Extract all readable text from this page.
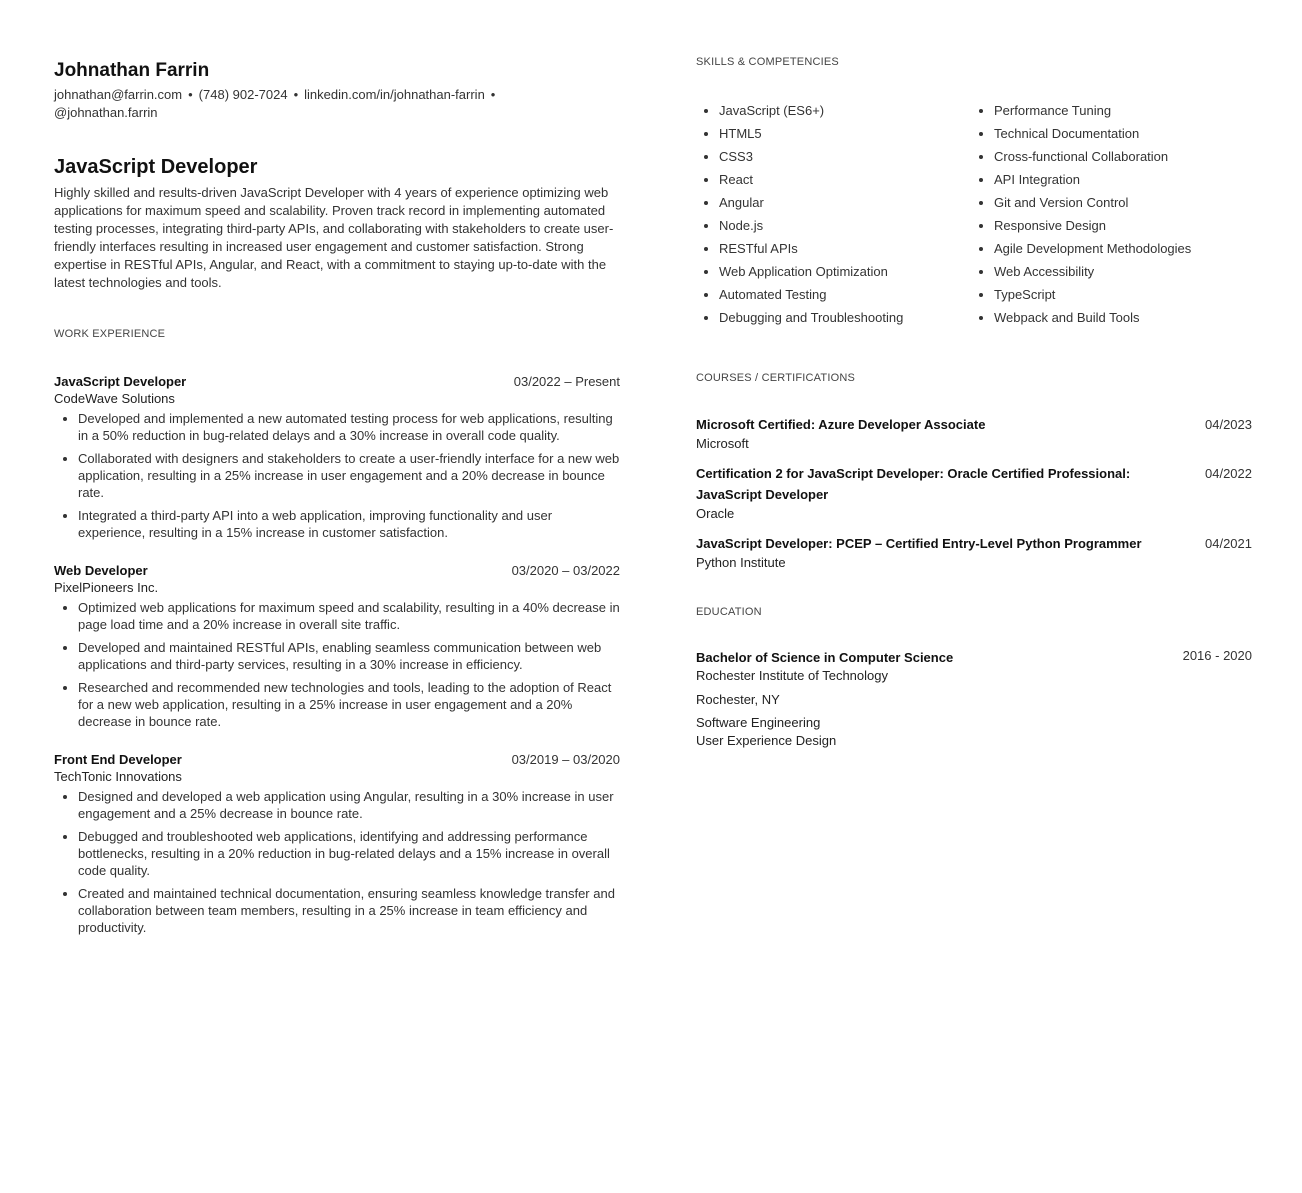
Johnathan Farrin
johnathan@farrin.com • (748) 902-7024 • linkedin.com/in/johnathan-farrin •
@johnathan.farrin
JavaScript Developer

Highly skilled and results-driven JavaScript Developer with 4 years of experience optimizing web applications for maximum speed and scalability. Proven track record in implementing automated testing processes, integrating third-party APIs, and collaborating with stakeholders to create user-friendly interfaces resulting in increased user engagement and customer satisfaction. Strong expertise in RESTful APIs, Angular, and React, with a commitment to staying up-to-date with the latest technologies and tools.

WORK EXPERIENCE
JavaScript Developer	03/2022 – Present
CodeWave Solutions
• Developed and implemented a new automated testing process for web applications, resulting in a 50% reduction in bug-related delays and a 30% increase in overall code quality.
• Collaborated with designers and stakeholders to create a user-friendly interface for a new web application, resulting in a 25% increase in user engagement and a 20% decrease in bounce rate.
• Integrated a third-party API into a web application, improving functionality and user experience, resulting in a 15% increase in customer satisfaction.
Web Developer	03/2020 – 03/2022
PixelPioneers Inc.
• Optimized web applications for maximum speed and scalability, resulting in a 40% decrease in page load time and a 20% increase in overall site traffic.
• Developed and maintained RESTful APIs, enabling seamless communication between web applications and third-party services, resulting in a 30% increase in efficiency.
• Researched and recommended new technologies and tools, leading to the adoption of React for a new web application, resulting in a 25% increase in user engagement and a 20% decrease in bounce rate.
Front End Developer	03/2019 – 03/2020
TechTonic Innovations
• Designed and developed a web application using Angular, resulting in a 30% increase in user engagement and a 25% decrease in bounce rate.
• Debugged and troubleshooted web applications, identifying and addressing performance bottlenecks, resulting in a 20% reduction in bug-related delays and a 15% increase in overall code quality.
• Created and maintained technical documentation, ensuring seamless knowledge transfer and collaboration between team members, resulting in a 25% increase in team efficiency and productivity.
SKILLS & COMPETENCIES
• JavaScript (ES6+)
• HTML5
• CSS3
• React
• Angular
• Node.js
• RESTful APIs
• Web Application Optimization
• Automated Testing
• Debugging and Troubleshooting
• Performance Tuning
• Technical Documentation
• Cross-functional Collaboration
• API Integration
• Git and Version Control
• Responsive Design
• Agile Development Methodologies
• Web Accessibility
• TypeScript
• Webpack and Build Tools
COURSES / CERTIFICATIONS
Microsoft Certified: Azure Developer Associate	04/2023
Microsoft
Certification 2 for JavaScript Developer: Oracle Certified Professional: JavaScript Developer
04/2022
Oracle
JavaScript Developer: PCEP – Certified Entry-Level Python Programmer	04/2021
Python Institute
EDUCATION
Bachelor of Science in Computer Science	2016 - 2020
Rochester Institute of Technology
Rochester, NY
Software Engineering
User Experience Design
